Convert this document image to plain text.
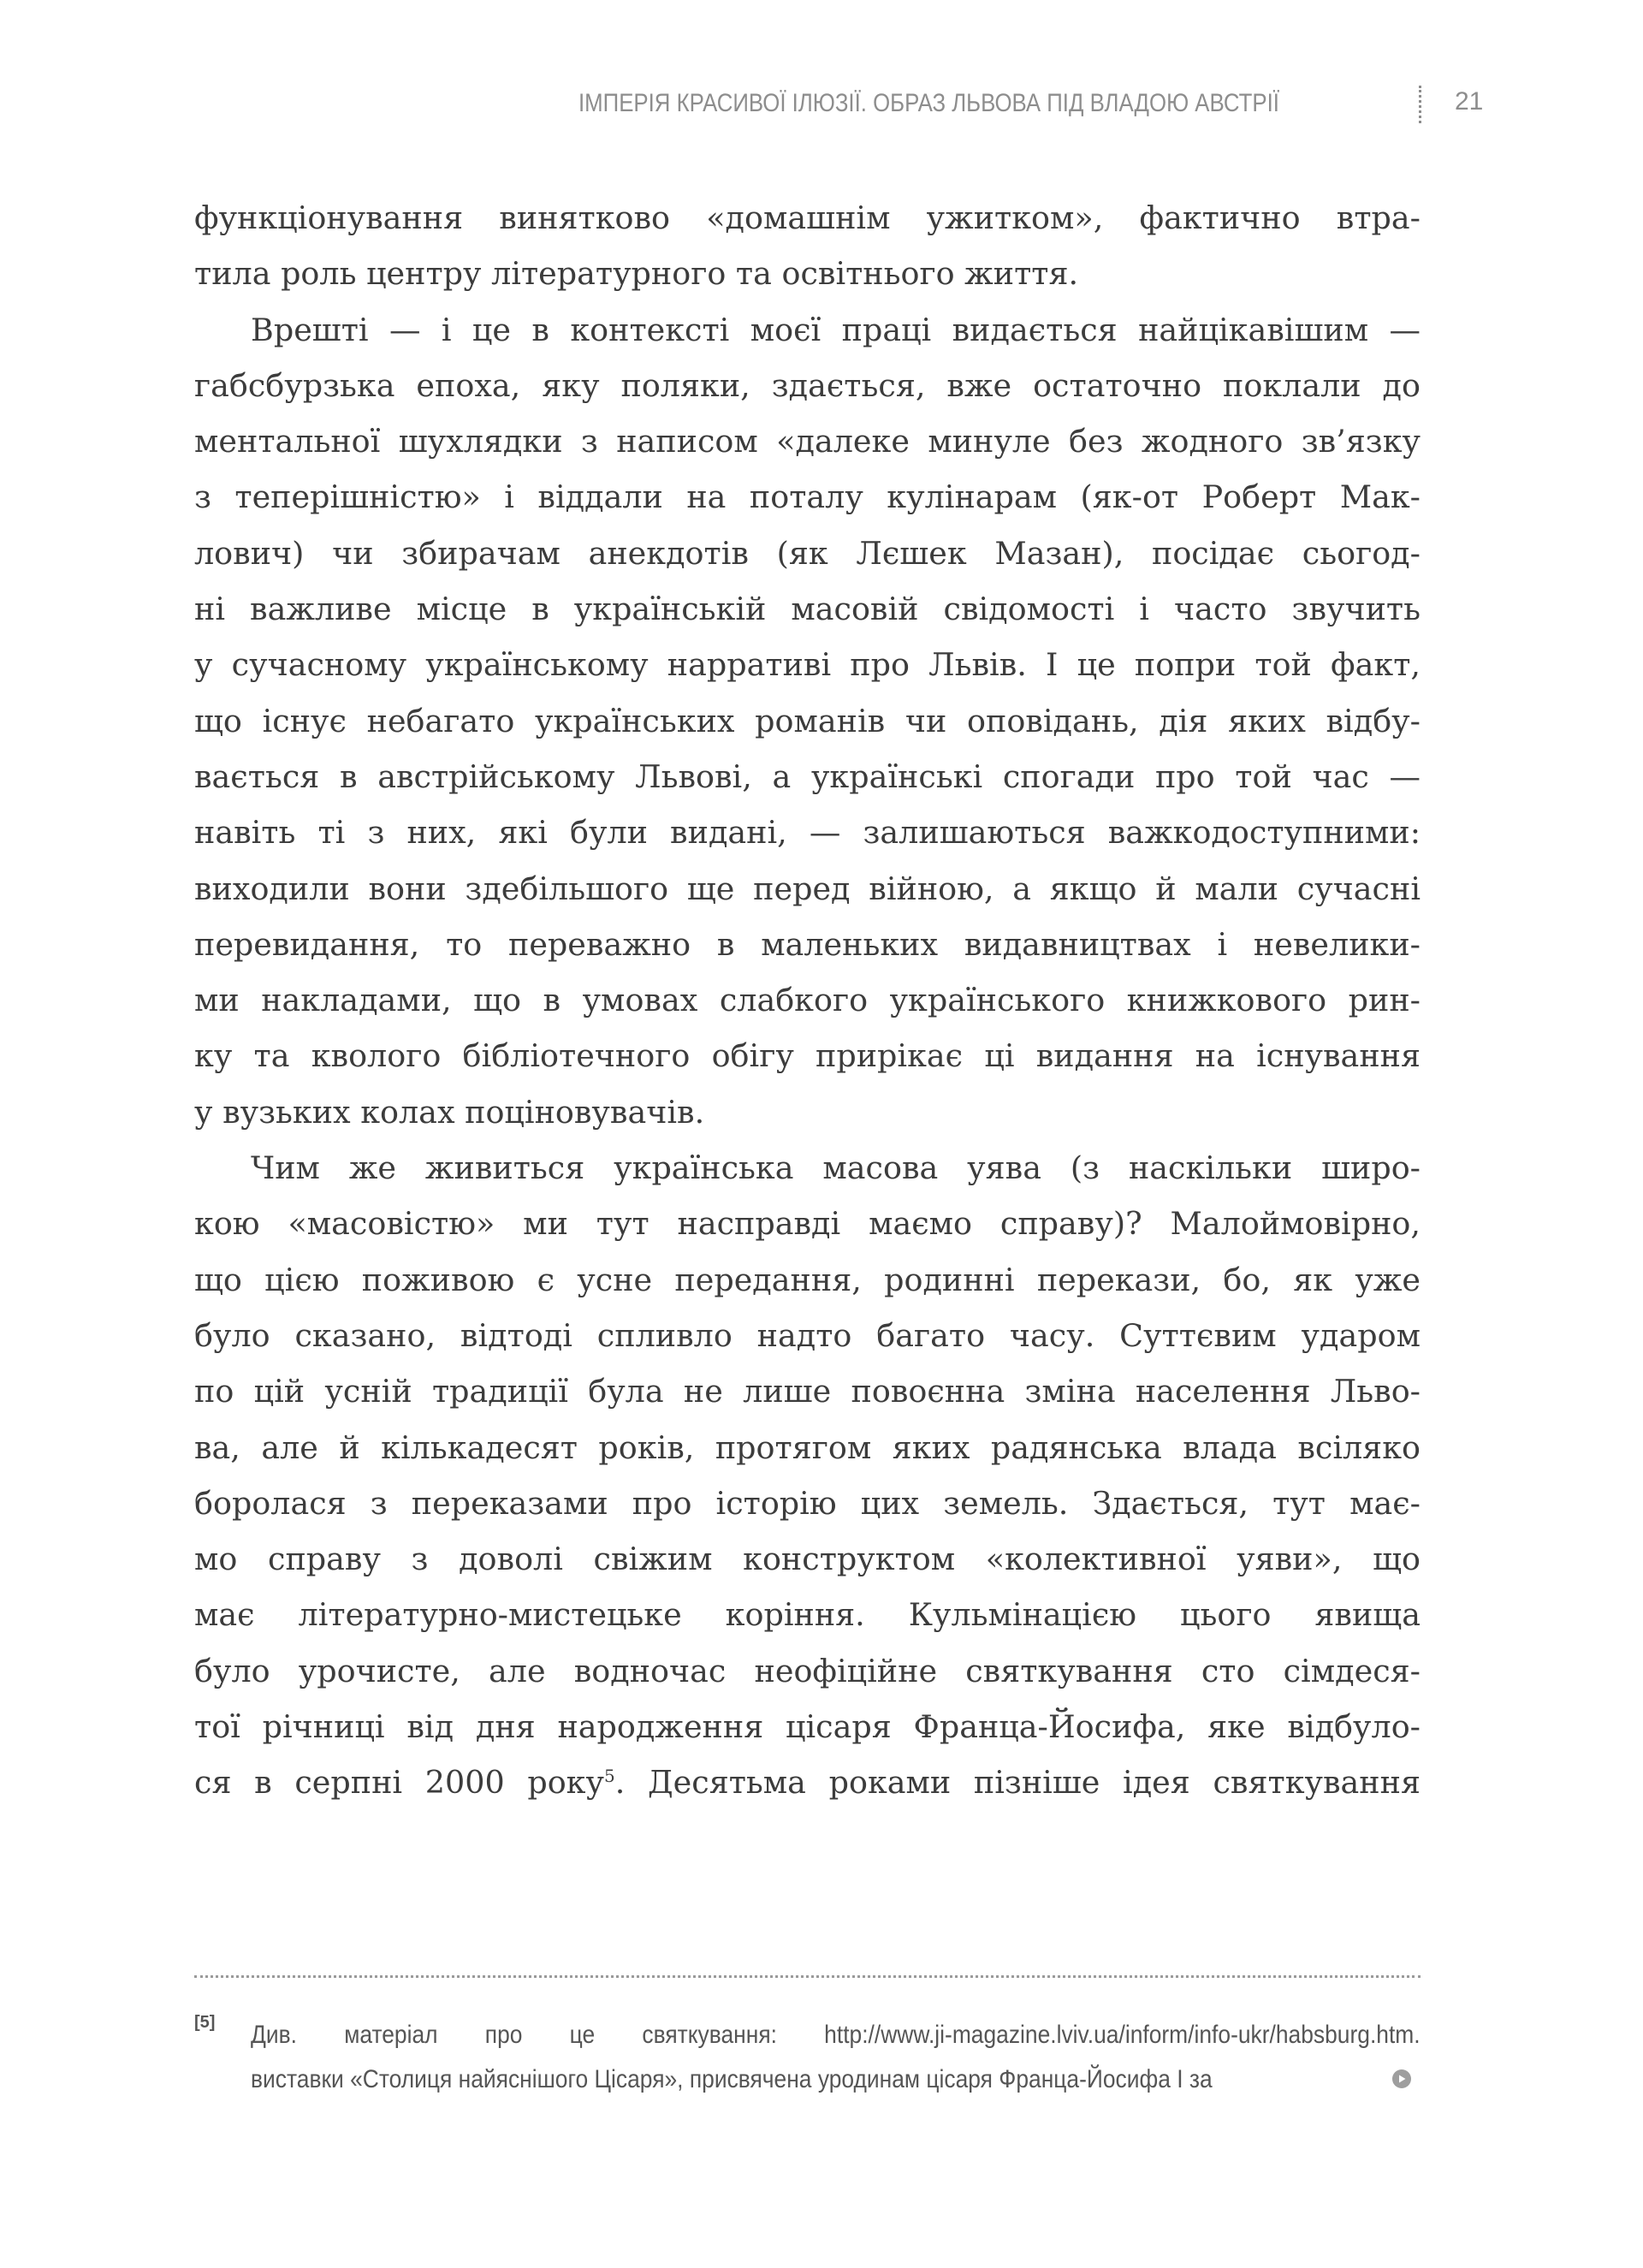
ІМПЕРІЯ КРАСИВОЇ ІЛЮЗІЇ. ОБРАЗ ЛЬВОВА ПІД ВЛАДОЮ АВСТРІЇ	21
функціонування винятково «домашнім ужитком», фактично втра-
тила роль центру літературного та освітнього життя.
Врешті — і це в контексті моєї праці видається найцікавішим —
габсбурзька епоха, яку поляки, здається, вже остаточно поклали до
ментальної шухлядки з написом «далеке минуле без жодного зв’язку
з теперішністю» і віддали на поталу кулінарам (як-от Роберт Мак-
лович) чи збирачам анекдотів (як Лєшек Мазан), посідає сьогод-
ні важливе місце в українській масовій свідомості і часто звучить
у сучасному українському нарративі про Львів. І це попри той факт,
що існує небагато українських романів чи оповідань, дія яких відбу-
вається в австрійському Львові, а українські спогади про той час —
навіть ті з них, які були видані, — залишаються важкодоступними:
виходили вони здебільшого ще перед війною, а якщо й мали сучасні
перевидання, то переважно в маленьких видавництвах і невелики-
ми накладами, що в умовах слабкого українського книжкового рин-
ку та кволого бібліотечного обігу прирікає ці видання на існування
у вузьких колах поціновувачів.
Чим же живиться українська масова уява (з наскільки широ-
кою «масовістю» ми тут насправді маємо справу)? Малоймовірно,
що цією поживою є усне передання, родинні перекази, бо, як уже
було сказано, відтоді спливло надто багато часу. Суттєвим ударом
по цій усній традиції була не лише повоєнна зміна населення Льво-
ва, але й кількадесят років, протягом яких радянська влада всіляко
боролася з переказами про історію цих земель. Здається, тут має-
мо справу з доволі свіжим конструктом «колективної уяви», що
має літературно-мистецьке коріння. Кульмінацією цього явища
було урочисте, але водночас неофіційне святкування сто сімдеся-
тої річниці від дня народження цісаря Франца-Йосифа, яке відбуло-
ся в серпні 2000 року$^5$. Десятьма роками пізніше ідея святкування
[5] Див. матеріал про це святкування: http://www.ji-magazine.lviv.ua/inform/info-ukr/habsburg.htm.
виставки «Столиця найяснішого Цісаря», присвячена уродинам цісаря Франца-Йосифа I за
